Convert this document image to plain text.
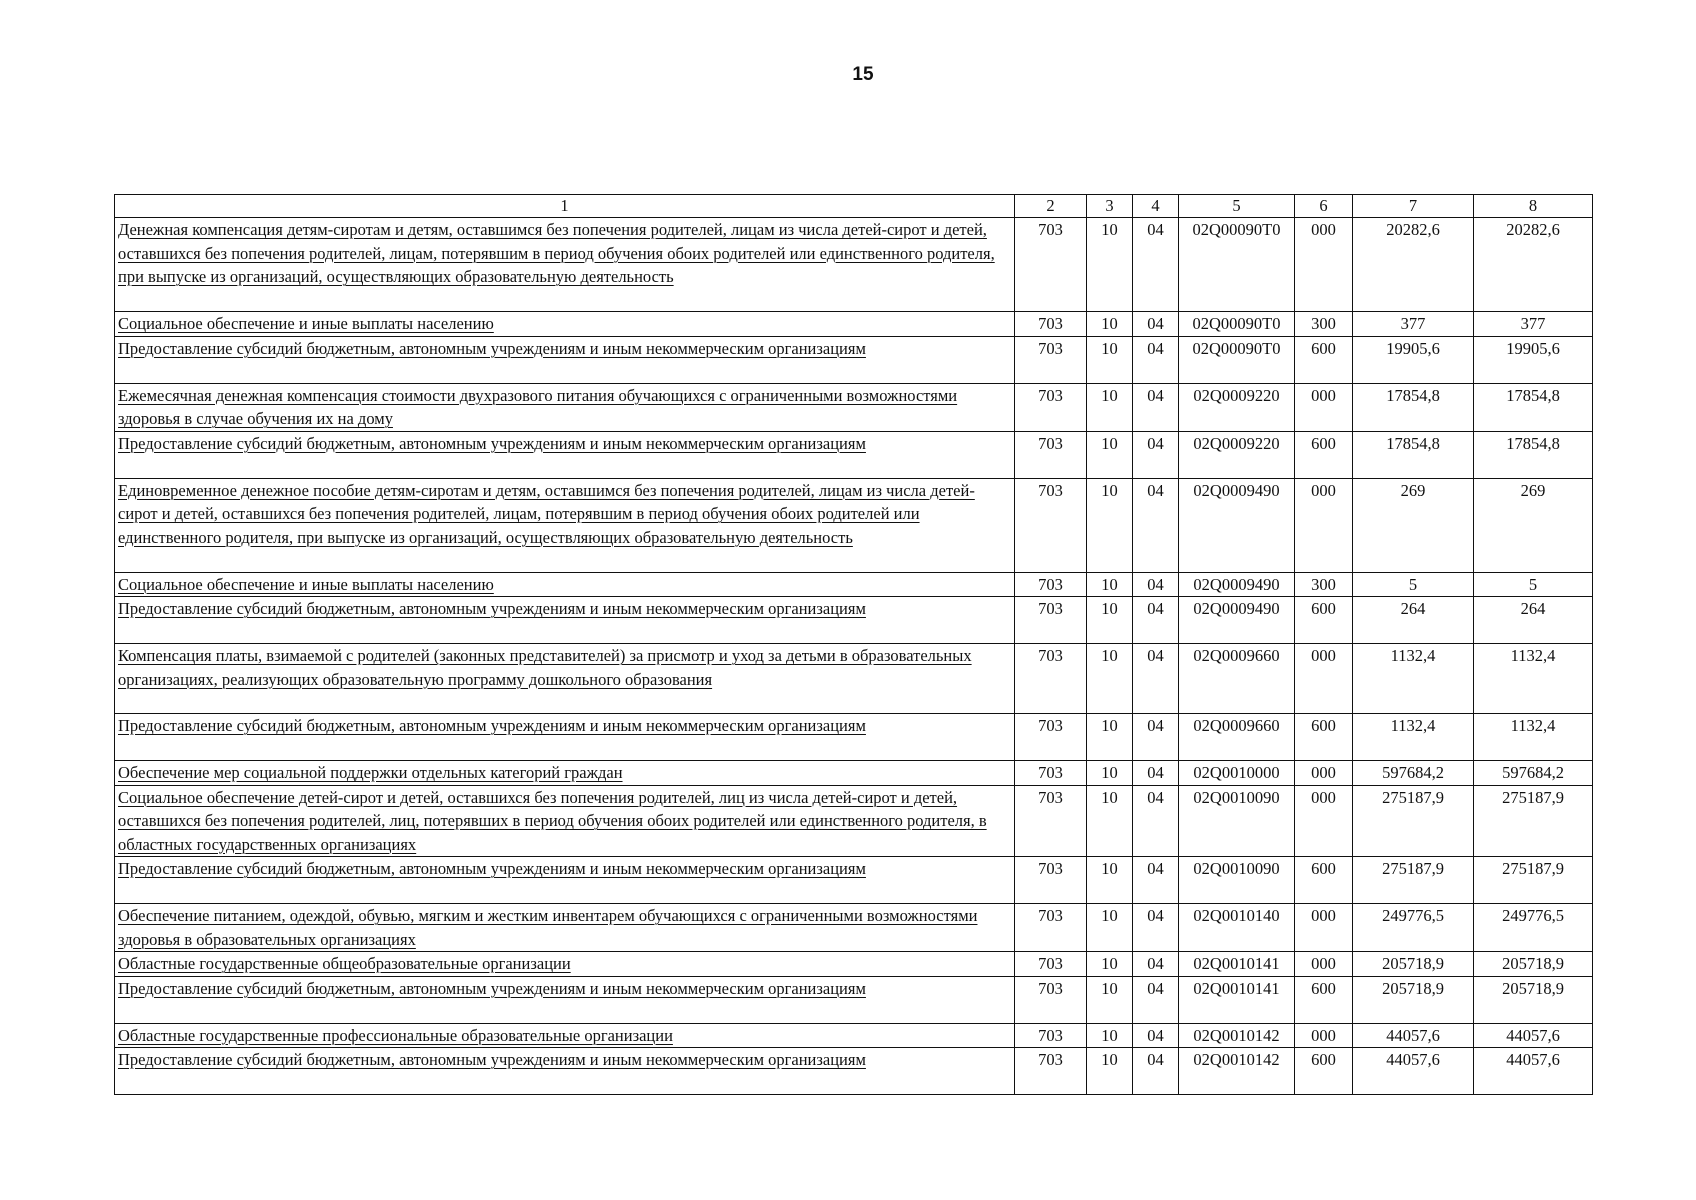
15
1	2	3	4	5	6	7	8
Денежная компенсация детям-сиротам и детям, оставшимся без попечения родителей, лицам из числа детей-сирот и детей, оставшихся без попечения родителей, лицам, потерявшим в период обучения обоих родителей или единственного родителя, при выпуске из организаций, осуществляющих образовательную деятельность	703	10	04	02Q00090Т0	000	20282,6	20282,6
Социальное обеспечение и иные выплаты населению	703	10	04	02Q00090Т0	300	377	377
Предоставление субсидий бюджетным, автономным учреждениям и иным некоммерческим организациям	703	10	04	02Q00090Т0	600	19905,6	19905,6
Ежемесячная денежная компенсация стоимости двухразового питания обучающихся с ограниченными возможностями здоровья в случае обучения их на дому	703	10	04	02Q0009220	000	17854,8	17854,8
Предоставление субсидий бюджетным, автономным учреждениям и иным некоммерческим организациям	703	10	04	02Q0009220	600	17854,8	17854,8
Единовременное денежное пособие детям-сиротам и детям, оставшимся без попечения родителей, лицам из числа детей-сирот и детей, оставшихся без попечения родителей, лицам, потерявшим в период обучения обоих родителей или единственного родителя, при выпуске из организаций, осуществляющих образовательную деятельность	703	10	04	02Q0009490	000	269	269
Социальное обеспечение и иные выплаты населению	703	10	04	02Q0009490	300	5	5
Предоставление субсидий бюджетным, автономным учреждениям и иным некоммерческим организациям	703	10	04	02Q0009490	600	264	264
Компенсация платы, взимаемой с родителей (законных представителей) за присмотр и уход за детьми в образовательных организациях, реализующих образовательную программу дошкольного образования	703	10	04	02Q0009660	000	1132,4	1132,4
Предоставление субсидий бюджетным, автономным учреждениям и иным некоммерческим организациям	703	10	04	02Q0009660	600	1132,4	1132,4
Обеспечение мер социальной поддержки отдельных категорий граждан	703	10	04	02Q0010000	000	597684,2	597684,2
Социальное обеспечение детей-сирот и детей, оставшихся без попечения родителей, лиц из числа детей-сирот и детей, оставшихся без попечения родителей, лиц, потерявших в период обучения обоих родителей или единственного родителя, в областных государственных организациях	703	10	04	02Q0010090	000	275187,9	275187,9
Предоставление субсидий бюджетным, автономным учреждениям и иным некоммерческим организациям	703	10	04	02Q0010090	600	275187,9	275187,9
Обеспечение питанием, одеждой, обувью, мягким и жестким инвентарем обучающихся с ограниченными возможностями здоровья в образовательных организациях	703	10	04	02Q0010140	000	249776,5	249776,5
Областные государственные общеобразовательные организации	703	10	04	02Q0010141	000	205718,9	205718,9
Предоставление субсидий бюджетным, автономным учреждениям и иным некоммерческим организациям	703	10	04	02Q0010141	600	205718,9	205718,9
Областные государственные профессиональные образовательные организации	703	10	04	02Q0010142	000	44057,6	44057,6
Предоставление субсидий бюджетным, автономным учреждениям и иным некоммерческим организациям	703	10	04	02Q0010142	600	44057,6	44057,6
